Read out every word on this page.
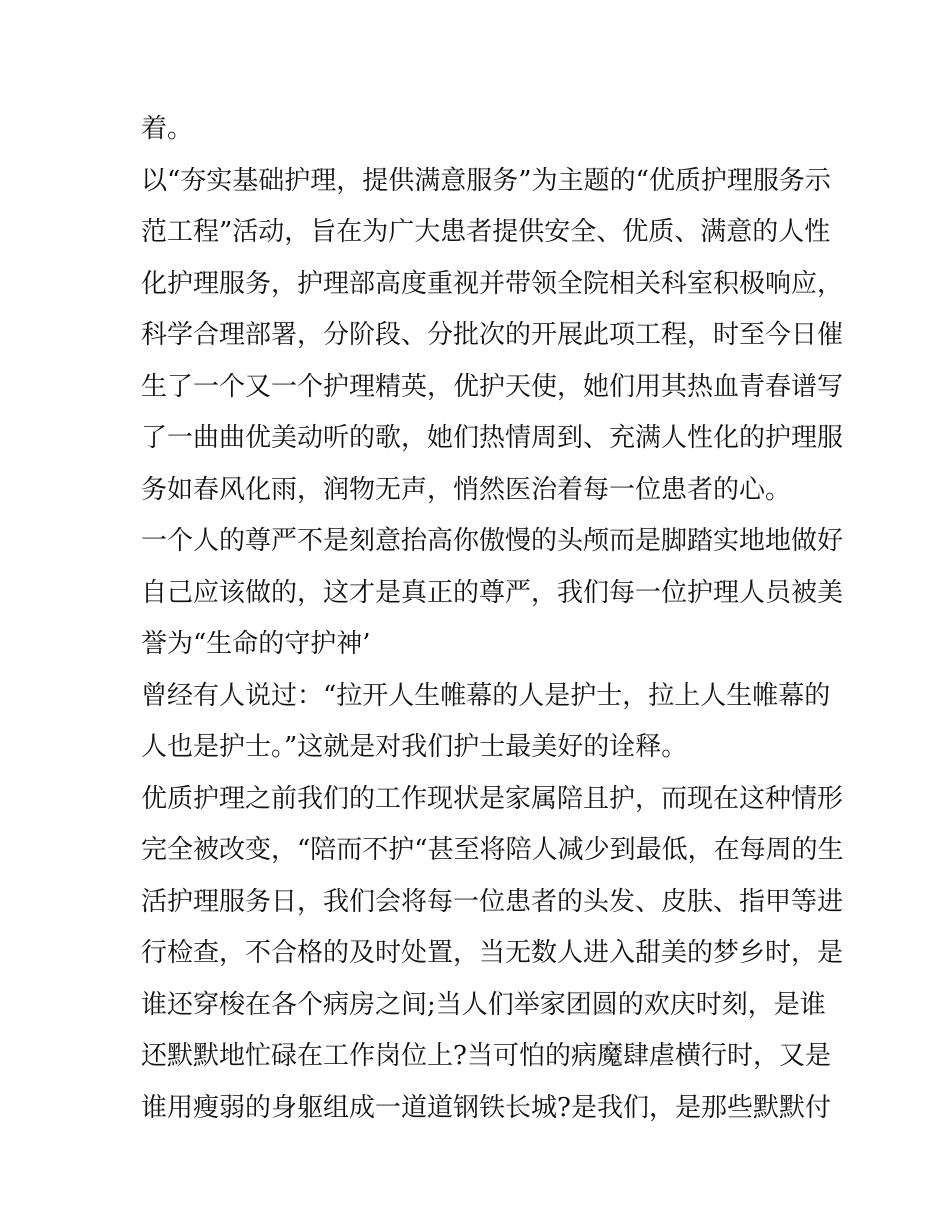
着。
以“夯实基础护理，提供满意服务”为主题的“优质护理服务示
范工程”活动，旨在为广大患者提供安全、优质、满意的人性
化护理服务，护理部高度重视并带领全院相关科室积极响应，
科学合理部署，分阶段、分批次的开展此项工程，时至今日催
生了一个又一个护理精英，优护天使，她们用其热血青春谱写
了一曲曲优美动听的歌，她们热情周到、充满人性化的护理服
务如春风化雨，润物无声，悄然医治着每一位患者的心。
一个人的尊严不是刻意抬高你傲慢的头颅而是脚踏实地地做好
自己应该做的，这才是真正的尊严，我们每一位护理人员被美
誉为“生命的守护神’
曾经有人说过：“拉开人生帷幕的人是护士，拉上人生帷幕的
人也是护士。”这就是对我们护士最美好的诠释。
优质护理之前我们的工作现状是家属陪且护，而现在这种情形
完全被改变，“陪而不护“甚至将陪人减少到最低，在每周的生
活护理服务日，我们会将每一位患者的头发、皮肤、指甲等进
行检查，不合格的及时处置，当无数人进入甜美的梦乡时，是
谁还穿梭在各个病房之间;当人们举家团圆的欢庆时刻，是谁
还默默地忙碌在工作岗位上?当可怕的病魔肆虐横行时，又是
谁用瘦弱的身躯组成一道道钢铁长城?是我们，是那些默默付
